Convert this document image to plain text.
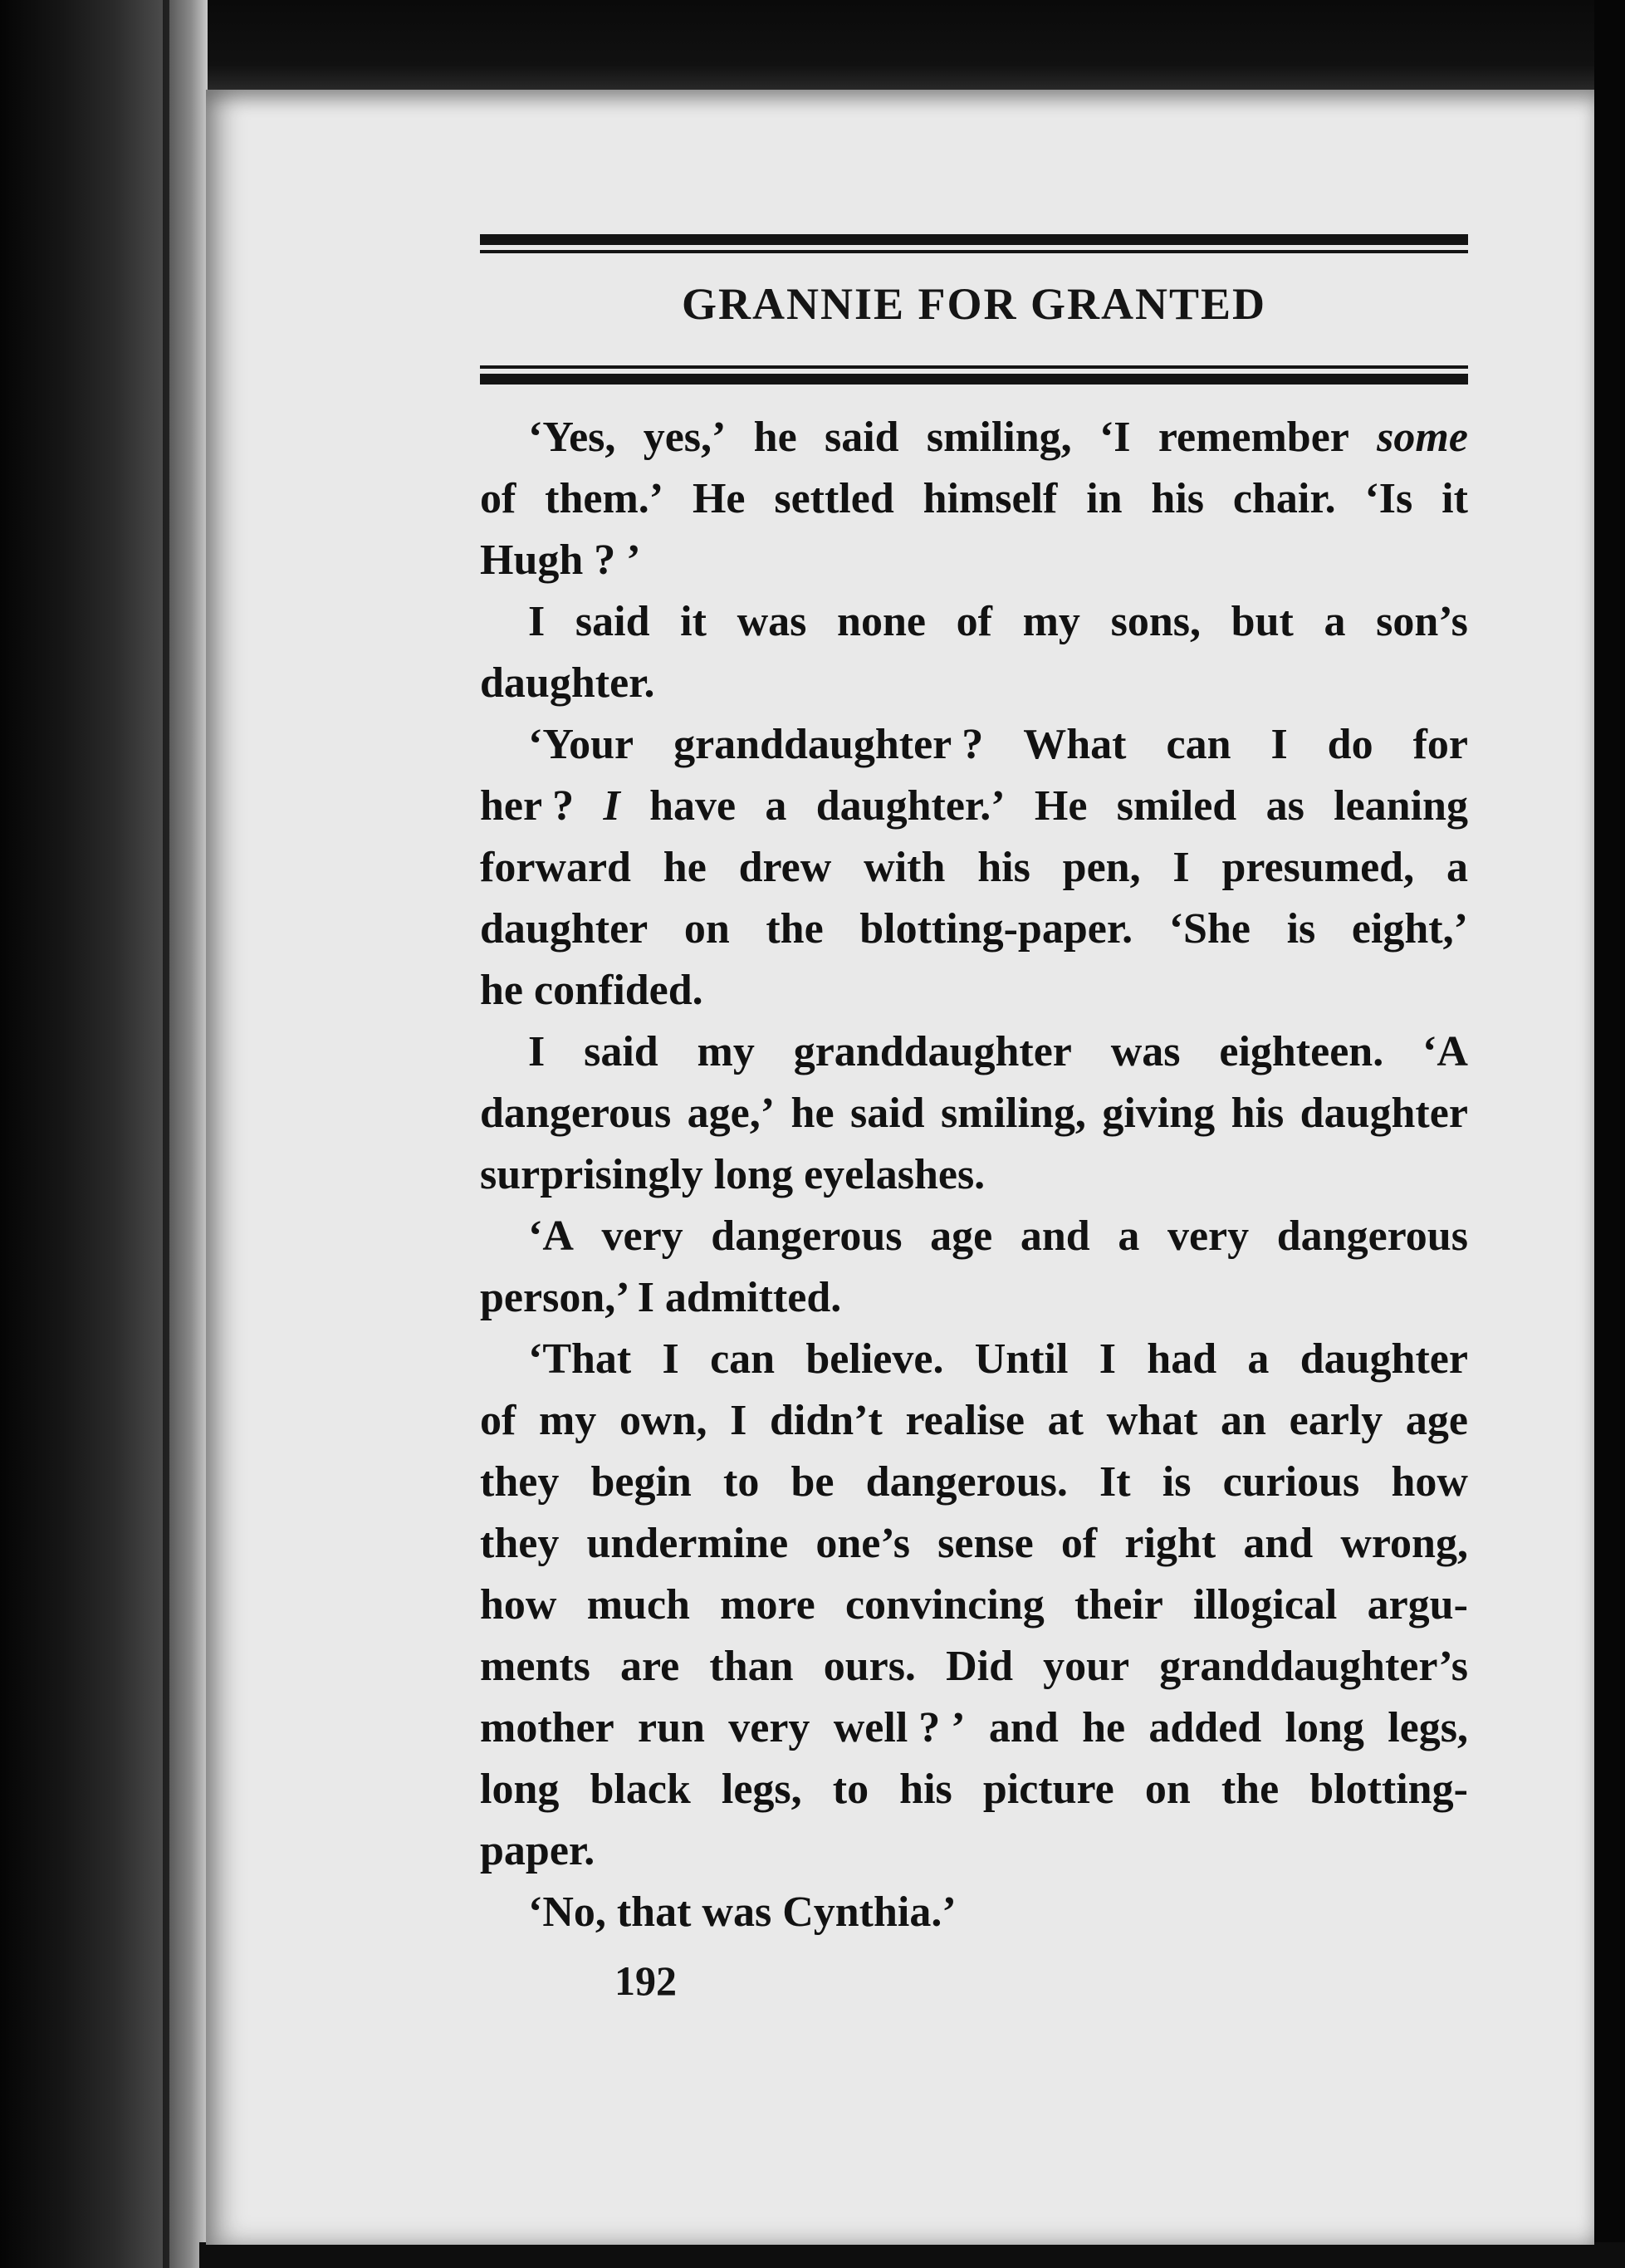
GRANNIE FOR GRANTED
‘Yes, yes,’ he said smiling, ‘I remember some
of them.’ He settled himself in his chair. ‘Is it
Hugh ? ’
I said it was none of my sons, but a son’s
daughter.
‘Your granddaughter ? What can I do for
her ? I have a daughter.’ He smiled as leaning
forward he drew with his pen, I presumed, a
daughter on the blotting-paper. ‘She is eight,’
he confided.
I said my granddaughter was eighteen. ‘A
dangerous age,’ he said smiling, giving his daughter
surprisingly long eyelashes.
‘A very dangerous age and a very dangerous
person,’ I admitted.
‘That I can believe. Until I had a daughter
of my own, I didn’t realise at what an early age
they begin to be dangerous. It is curious how
they undermine one’s sense of right and wrong,
how much more convincing their illogical argu-
ments are than ours. Did your granddaughter’s
mother run very well ? ’ and he added long legs,
long black legs, to his picture on the blotting-
paper.
‘No, that was Cynthia.’
192
